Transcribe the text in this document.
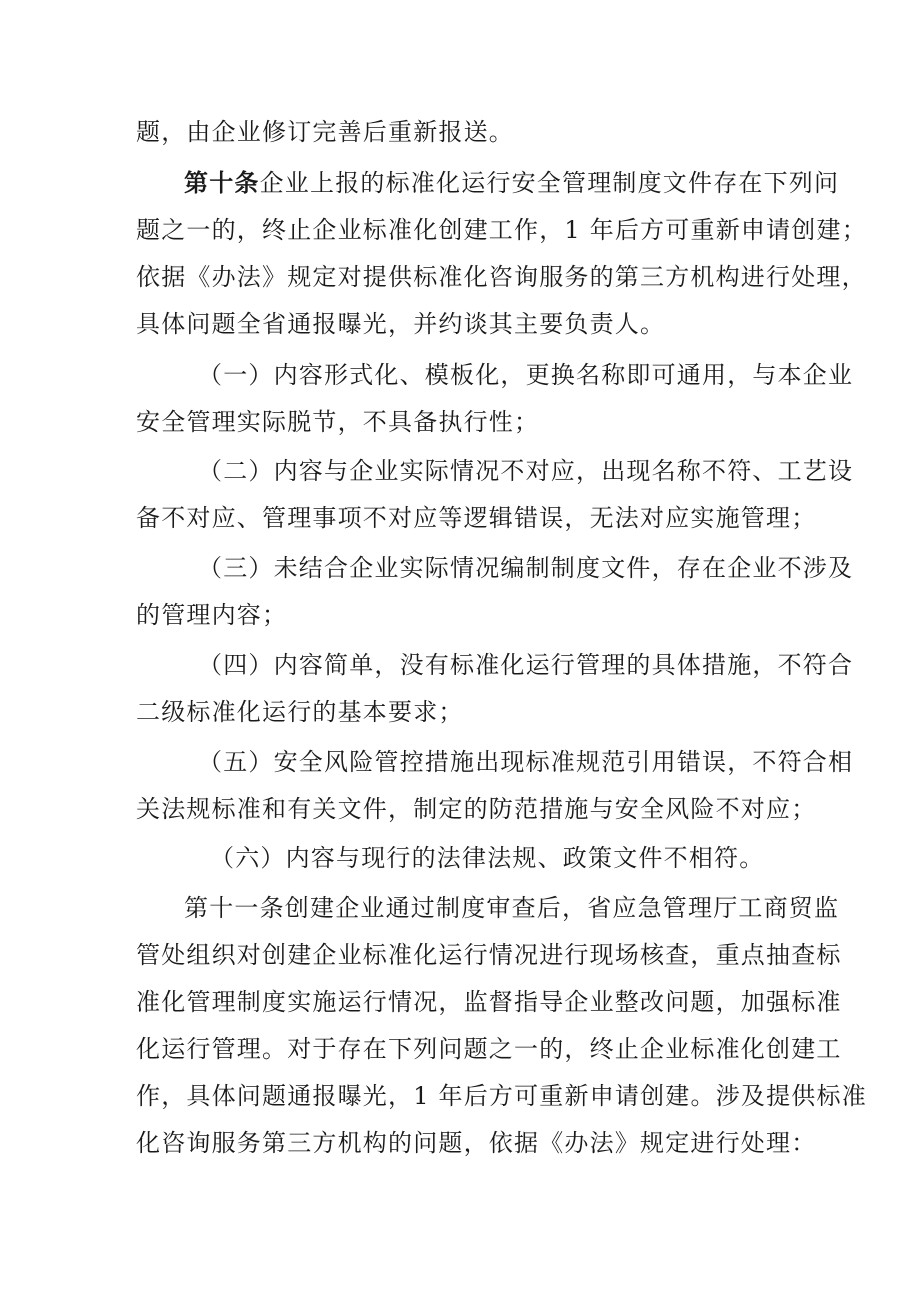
题，由企业修订完善后重新报送。
第十条企业上报的标准化运行安全管理制度文件存在下列问
题之一的，终止企业标准化创建工作，1 年后方可重新申请创建；
依据《办法》规定对提供标准化咨询服务的第三方机构进行处理，
具体问题全省通报曝光，并约谈其主要负责人。
（一）内容形式化、模板化，更换名称即可通用，与本企业
安全管理实际脱节，不具备执行性；
（二）内容与企业实际情况不对应，出现名称不符、工艺设
备不对应、管理事项不对应等逻辑错误，无法对应实施管理；
（三）未结合企业实际情况编制制度文件，存在企业不涉及
的管理内容；
（四）内容简单，没有标准化运行管理的具体措施，不符合
二级标准化运行的基本要求；
（五）安全风险管控措施出现标准规范引用错误，不符合相
关法规标准和有关文件，制定的防范措施与安全风险不对应；
（六）内容与现行的法律法规、政策文件不相符。
第十一条创建企业通过制度审查后，省应急管理厅工商贸监
管处组织对创建企业标准化运行情况进行现场核查，重点抽查标
准化管理制度实施运行情况，监督指导企业整改问题，加强标准
化运行管理。对于存在下列问题之一的，终止企业标准化创建工
作，具体问题通报曝光，1 年后方可重新申请创建。涉及提供标准
化咨询服务第三方机构的问题，依据《办法》规定进行处理：
